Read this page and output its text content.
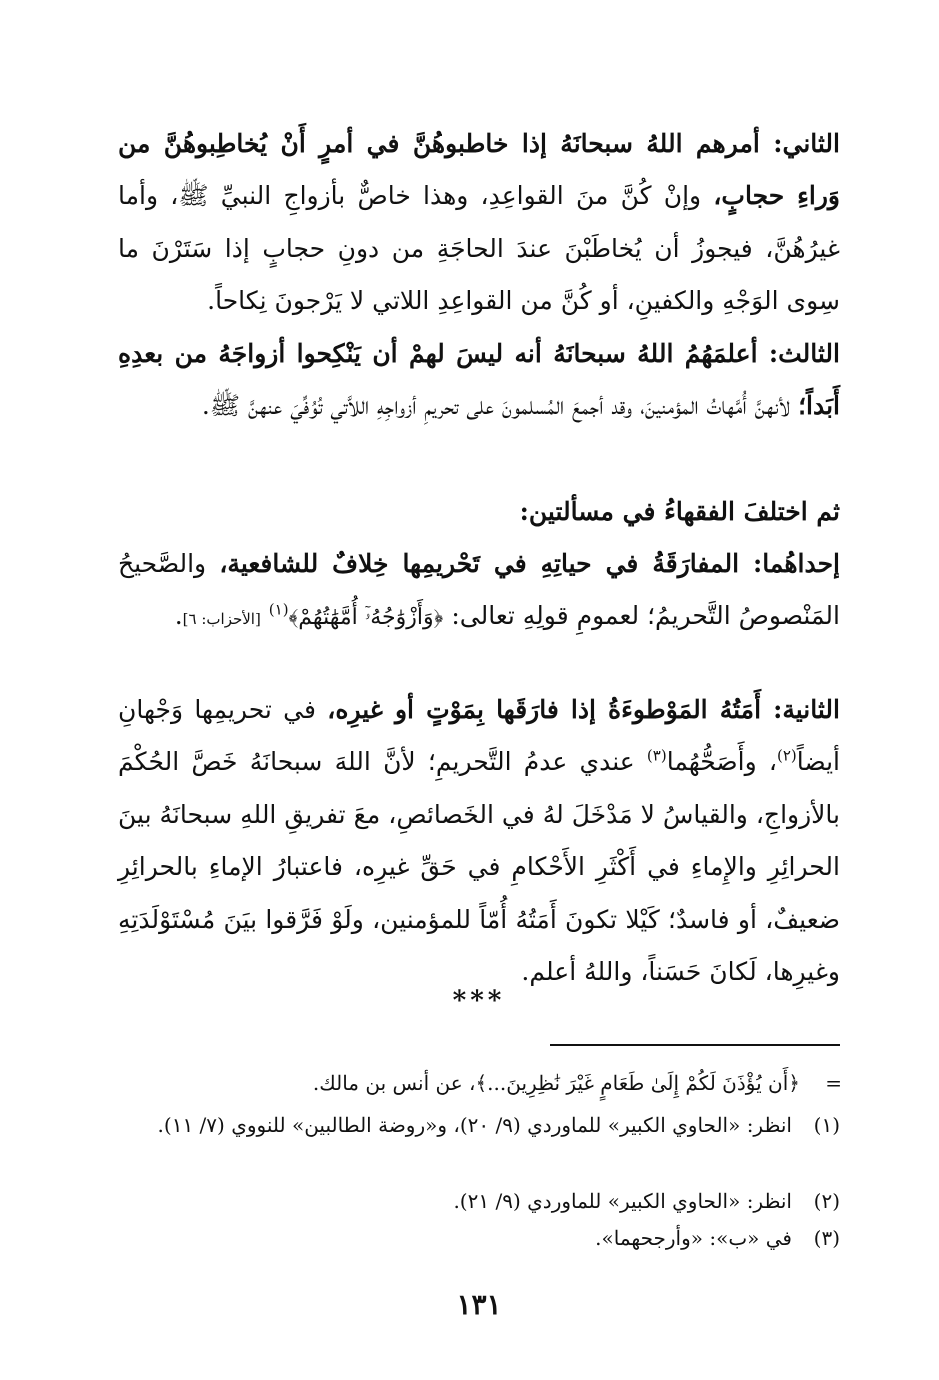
الثاني: أمرهم اللهُ سبحانَهُ إذا خاطبوهُنَّ في أمرٍ أَنْ يُخاطِبوهُنَّ من وَراءِ حجابٍ، وإنْ كُنَّ منَ القواعِدِ، وهذا خاصٌّ بأزواجِ النبيِّ ﷺ، وأما غيرُهُنَّ، فيجوزُ أن يُخاطَبْنَ عندَ الحاجَةِ من دونِ حجابٍ إذا سَتَرْنَ ما سِوى الوَجْهِ والكفينِ، أو كُنَّ من القواعِدِ اللاتي لا يَرْجونَ نِكاحاً.

الثالث: أعلمَهُمُ اللهُ سبحانَهُ أنه ليسَ لهمْ أن يَنْكِحوا أزواجَهُ من بعدِهِ أَبَداً؛ لأنهنَّ أُمَّهاتُ المؤمنينَ، وقد أجمعَ المُسلمونَ على تحريمِ أزواجِهِ اللاَّتي تُوُفِّيَ عنهنَّ ﷺ.

ثم اختلفَ الفقهاءُ في مسألتين:

إحداهُما: المفارَقَةُ في حياتِهِ في تَحْريمِها خِلافٌ للشافعية، والصَّحيحُ المَنْصوصُ التَّحريمُ؛ لعمومِ قولِهِ تعالى: ﴿وَأَزْوَٰجُهُۥٓ أُمَّهَٰتُهُمْ﴾$^{(١)}$ [الأحزاب: ٦].

الثانية: أَمَتُهُ المَوْطوءَةُ إذا فارَقَها بِمَوْتٍ أو غيرِه، في تحريمِها وَجْهانِ أيضاً$^{(٢)}$، وأَصَحُّهُما$^{(٣)}$ عندي عدمُ التَّحريمِ؛ لأنَّ اللهَ سبحانَهُ خَصَّ الحُكْمَ بالأزواجِ، والقياسُ لا مَدْخَلَ لهُ في الخَصائصِ، معَ تفريقِ اللهِ سبحانَهُ بينَ الحرائِرِ والإِماءِ في أَكْثَرِ الأَحْكامِ في حَقِّ غيرِه، فاعتبارُ الإماءِ بالحرائِرِ ضعيفٌ، أو فاسدٌ؛ كَيْلا تكونَ أَمَتُهُ أُمّاً للمؤمنين، ولَوْ فَرَّقوا بيَنَ مُسْتَوْلَدَتِهِ وغيرِها، لَكانَ حَسَناً، واللهُ أعلم.

***
=
﴿أَن يُؤْذَنَ لَكُمْ إِلَىٰ طَعَامٍ غَيْرَ نَٰظِرِينَ...﴾، عن أنس بن مالك.
(١)
انظر: «الحاوي الكبير» للماوردي (٩/ ٢٠)، و«روضة الطالبين» للنووي (٧/ ١١).
(٢)
انظر: «الحاوي الكبير» للماوردي (٩/ ٢١).
(٣)
في «ب»: «وأرجحهما».
١٣١
